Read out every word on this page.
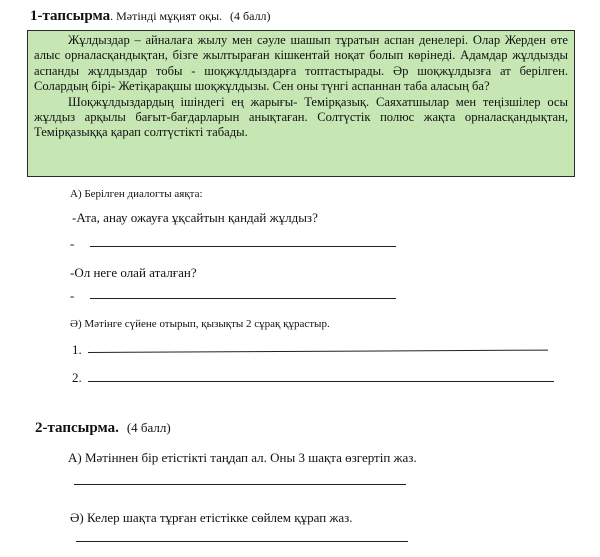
1-тапсырма. Мәтінді мұқият оқы. (4 балл)

Жұлдыздар – айналаға жылу мен сәуле шашып тұратын аспан денелері. Олар Жерден өте алыс орналасқандықтан, бізге жылтыраған кішкентай ноқат болып көрінеді. Адамдар жұлдызды аспанды жұлдыздар тобы - шоқжұлдыздарға топтастырады. Әр шоқжұлдызға ат берілген. Солардың бірі- Жетіқарақшы шоқжұлдызы. Сен оны түнгі аспаннан таба аласың ба?

Шоқжұлдыздардың ішіндегі ең жарығы- Темірқазық. Саяхатшылар мен теңізшілер осы жұлдыз арқылы бағыт-бағдарларын анықтаған. Солтүстік полюс жақта орналасқандықтан, Темірқазыққа қарап солтүстікті табады.

А) Берілген диалогты аяқта:
-Ата, анау ожауға ұқсайтын қандай жұлдыз?
-
-Ол неге олай аталған?
-
Ә) Мәтінге сүйене отырып, қызықты 2 сұрақ құрастыр.
1.
2.
2-тапсырма. (4 балл)
А) Мәтіннен бір етістікті таңдап ал. Оны 3 шақта өзгертіп жаз.
Ә) Келер шақта тұрған етістікке сөйлем құрап жаз.
